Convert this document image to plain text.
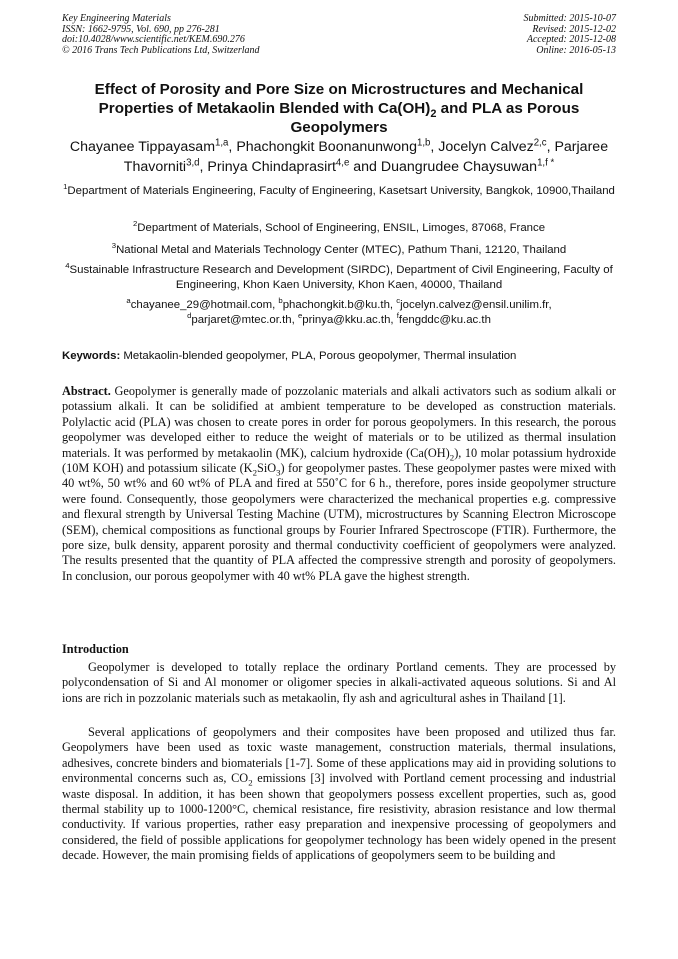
Key Engineering Materials
ISSN: 1662-9795, Vol. 690, pp 276-281
doi:10.4028/www.scientific.net/KEM.690.276
© 2016 Trans Tech Publications Ltd, Switzerland
Submitted: 2015-10-07
Revised: 2015-12-02
Accepted: 2015-12-08
Online: 2016-05-13
Effect of Porosity and Pore Size on Microstructures and Mechanical Properties of Metakaolin Blended with $Ca(OH)_2$ and PLA as Porous Geopolymers
Chayanee Tippayasam$^{1,a}$, Phachongkit Boonanunwong$^{1,b}$, Jocelyn Calvez$^{2,c}$, Parjaree Thavorniti$^{3,d}$, Prinya Chindaprasirt$^{4,e}$ and Duangrudee Chaysuwan$^{1,f *}$
$^1$Department of Materials Engineering, Faculty of Engineering, Kasetsart University, Bangkok, 10900,Thailand
$^2$Department of Materials, School of Engineering, ENSIL, Limoges, 87068, France
$^3$National Metal and Materials Technology Center (MTEC), Pathum Thani, 12120, Thailand
$^4$Sustainable Infrastructure Research and Development (SIRDC), Department of Civil Engineering, Faculty of Engineering, Khon Kaen University, Khon Kaen, 40000, Thailand
$^a$chayanee_29@hotmail.com, $^b$phachongkit.b@ku.th, $^c$jocelyn.calvez@ensil.unilim.fr,
$^d$parjaret@mtec.or.th, $^e$prinya@kku.ac.th, $^f$fengddc@ku.ac.th
Keywords: Metakaolin-blended geopolymer, PLA, Porous geopolymer, Thermal insulation
Abstract. Geopolymer is generally made of pozzolanic materials and alkali activators such as sodium alkali or potassium alkali. It can be solidified at ambient temperature to be developed as construction materials. Polylactic acid (PLA) was chosen to create pores in order for porous geopolymers. In this research, the porous geopolymer was developed either to reduce the weight of materials or to be utilized as thermal insulation materials. It was performed by metakaolin (MK), calcium hydroxide $(Ca(OH)_2)$, 10 molar potassium hydroxide (10M KOH) and potassium silicate $(K_2SiO_3)$ for geopolymer pastes. These geopolymer pastes were mixed with 40 wt%, 50 wt% and 60 wt% of PLA and fired at 550˚C for 6 h., therefore, pores inside geopolymer structure were found. Consequently, those geopolymers were characterized the mechanical properties e.g. compressive and flexural strength by Universal Testing Machine (UTM), microstructures by Scanning Electron Microscope (SEM), chemical compositions as functional groups by Fourier Infrared Spectroscope (FTIR). Furthermore, the pore size, bulk density, apparent porosity and thermal conductivity coefficient of geopolymers were analyzed. The results presented that the quantity of PLA affected the compressive strength and porosity of geopolymers. In conclusion, our porous geopolymer with 40 wt% PLA gave the highest strength.
Introduction
Geopolymer is developed to totally replace the ordinary Portland cements. They are processed by polycondensation of Si and Al monomer or oligomer species in alkali-activated aqueous solutions. Si and Al ions are rich in pozzolanic materials such as metakaolin, fly ash and agricultural ashes in Thailand [1].
Several applications of geopolymers and their composites have been proposed and utilized thus far. Geopolymers have been used as toxic waste management, construction materials, thermal insulations, adhesives, concrete binders and biomaterials [1-7]. Some of these applications may aid in providing solutions to environmental concerns such as, $CO_2$ emissions [3] involved with Portland cement processing and industrial waste disposal. In addition, it has been shown that geopolymers possess excellent properties, such as, good thermal stability up to 1000-1200°C, chemical resistance, fire resistivity, abrasion resistance and low thermal conductivity. If various properties, rather easy preparation and inexpensive processing of geopolymers and considered, the field of possible applications for geopolymer technology has been widely opened in the present decade. However, the main promising fields of applications of geopolymers seem to be building and
